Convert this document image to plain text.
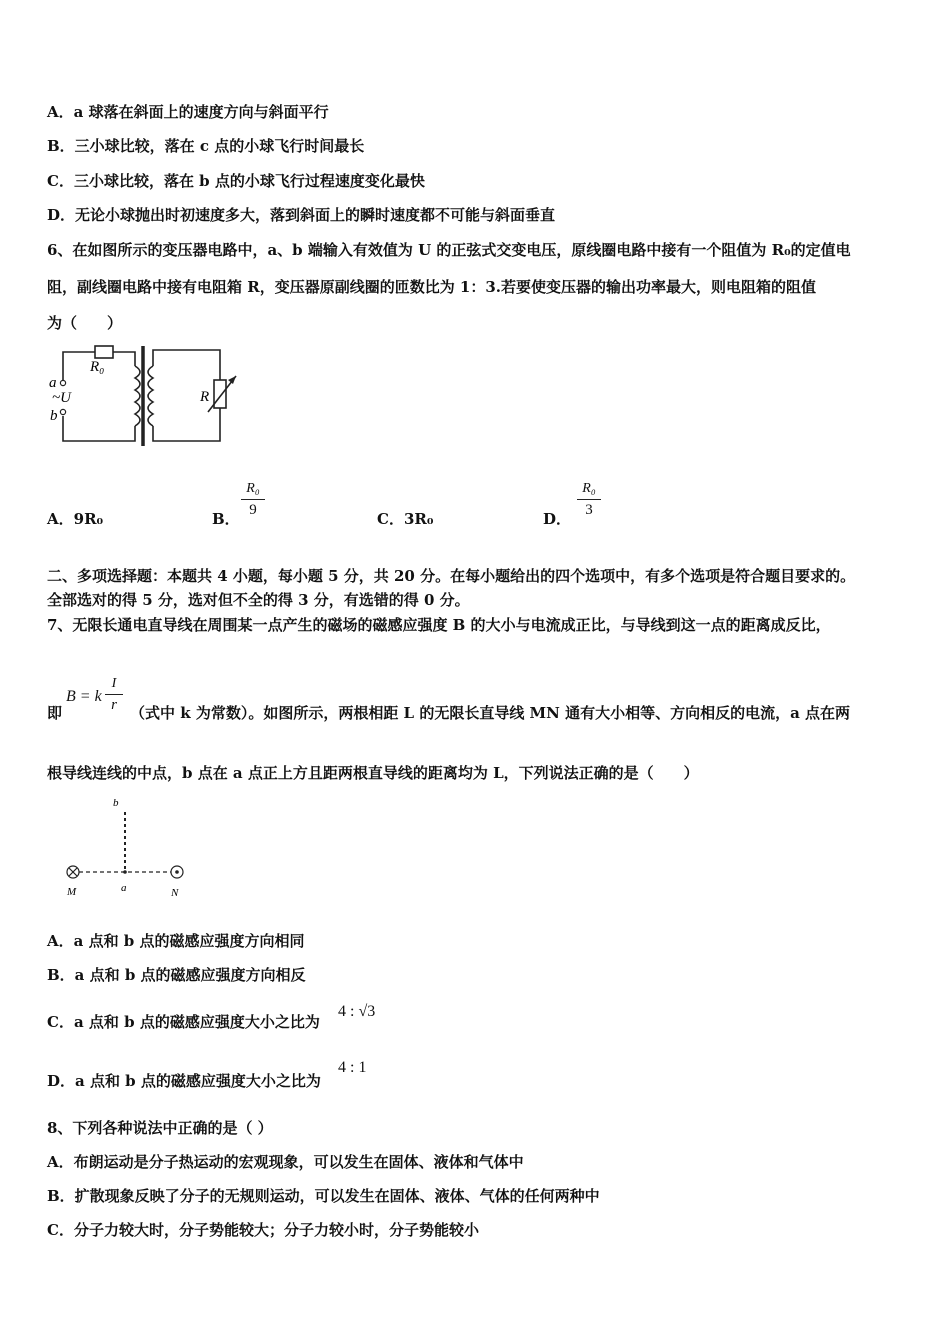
A．a 球落在斜面上的速度方向与斜面平行
B．三小球比较，落在 c 点的小球飞行时间最长
C．三小球比较，落在 b 点的小球飞行过程速度变化最快
D．无论小球抛出时初速度多大，落到斜面上的瞬时速度都不可能与斜面垂直
6、在如图所示的变压器电路中，a、b 端输入有效值为 U 的正弦式交变电压，原线圈电路中接有一个阻值为 R₀的定值电
阻，副线圈电路中接有电阻箱 R，变压器原副线圈的匝数比为 1：3.若要使变压器的输出功率最大，则电阻箱的阻值
为（　　）
R₀
a
~U
b
R
A．9R₀	B．
R₀
9	C．3R₀	D．
R₀
3
二、多项选择题：本题共 4 小题，每小题 5 分，共 20 分。在每小题给出的四个选项中，有多个选项是符合题目要求的。
全部选对的得 5 分，选对但不全的得 3 分，有选错的得 0 分。
7、无限长通电直导线在周围某一点产生的磁场的磁感应强度 B 的大小与电流成正比，与导线到这一点的距离成反比，
即
B = k
I
r （式中 k 为常数）。如图所示，两根相距 L 的无限长直导线 MN 通有大小相等、方向相反的电流，a 点在两
根导线连线的中点，b 点在 a 点正上方且距两根直导线的距离均为 L，下列说法正确的是（　　）
b
a
M	N
A．a 点和 b 点的磁感应强度方向相同
B．a 点和 b 点的磁感应强度方向相反
C．a 点和 b 点的磁感应强度大小之比为
4 : √3
D．a 点和 b 点的磁感应强度大小之比为
4 : 1
8、下列各种说法中正确的是（ ）
A．布朗运动是分子热运动的宏观现象，可以发生在固体、液体和气体中
B．扩散现象反映了分子的无规则运动，可以发生在固体、液体、气体的任何两种中
C．分子力较大时，分子势能较大；分子力较小时，分子势能较小
